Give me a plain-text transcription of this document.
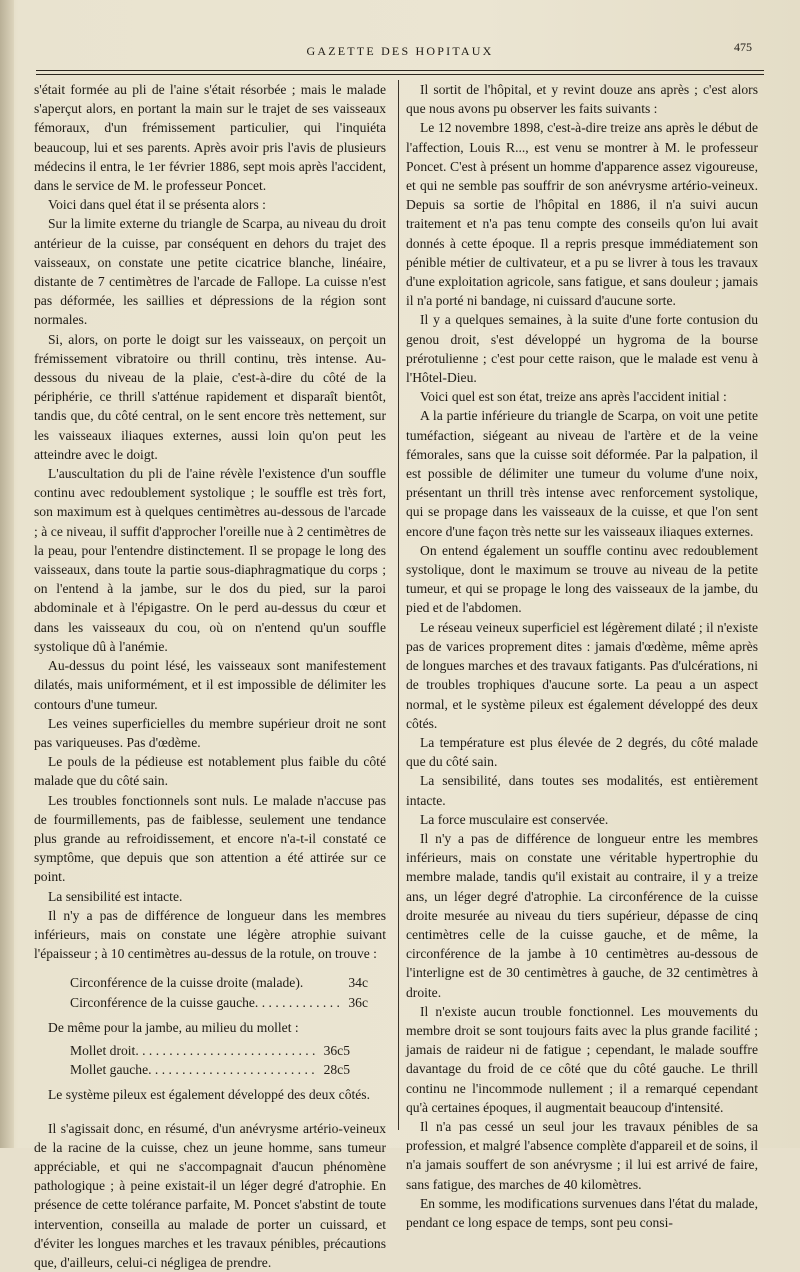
GAZETTE DES HOPITAUX	475

s'était formée au pli de l'aine s'était résorbée ; mais le malade s'aperçut alors, en portant la main sur le trajet de ses vaisseaux fémoraux, d'un frémissement particulier, qui l'inquiéta beaucoup, lui et ses parents. Après avoir pris l'avis de plusieurs médecins il entra, le 1er février 1886, sept mois après l'accident, dans le service de M. le professeur Poncet.

Voici dans quel état il se présenta alors :

Sur la limite externe du triangle de Scarpa, au niveau du droit antérieur de la cuisse, par conséquent en dehors du trajet des vaisseaux, on constate une petite cicatrice blanche, linéaire, distante de 7 centimètres de l'arcade de Fallope. La cuisse n'est pas déformée, les saillies et dépressions de la région sont normales.

Si, alors, on porte le doigt sur les vaisseaux, on perçoit un frémissement vibratoire ou thrill continu, très intense. Au-dessous du niveau de la plaie, c'est-à-dire du côté de la périphérie, ce thrill s'atténue rapidement et disparaît bientôt, tandis que, du côté central, on le sent encore très nettement, sur les vaisseaux iliaques externes, aussi loin qu'on peut les atteindre avec le doigt.

L'auscultation du pli de l'aine révèle l'existence d'un souffle continu avec redoublement systolique ; le souffle est très fort, son maximum est à quelques centimètres au-dessous de l'arcade ; à ce niveau, il suffit d'approcher l'oreille nue à 2 centimètres de la peau, pour l'entendre distinctement. Il se propage le long des vaisseaux, dans toute la partie sous-diaphragmatique du corps ; on l'entend à la jambe, sur le dos du pied, sur la paroi abdominale et à l'épigastre. On le perd au-dessus du cœur et dans les vaisseaux du cou, où on n'entend qu'un souffle systolique dû à l'anémie.

Au-dessus du point lésé, les vaisseaux sont manifestement dilatés, mais uniformément, et il est impossible de délimiter les contours d'une tumeur.

Les veines superficielles du membre supérieur droit ne sont pas variqueuses. Pas d'œdème.

Le pouls de la pédieuse est notablement plus faible du côté malade que du côté sain.

Les troubles fonctionnels sont nuls. Le malade n'accuse pas de fourmillements, pas de faiblesse, seulement une tendance plus grande au refroidissement, et encore n'a-t-il constaté ce symptôme, que depuis que son attention a été attirée sur ce point.

La sensibilité est intacte.

Il n'y a pas de différence de longueur dans les membres inférieurs, mais on constate une légère atrophie suivant l'épaisseur ; à 10 centimètres au-dessus de la rotule, on trouve :

Circonférence de la cuisse droite (malade).	34c
Circonférence de la cuisse gauche. . . . . . . . . . . . . 36c

De même pour la jambe, au milieu du mollet :

Mollet droit. . . . . . . . . . . . . . . . . . . . . . . . . . . 36c5
Mollet gauche. . . . . . . . . . . . . . . . . . . . . . . . . 28c5

Le système pileux est également développé des deux côtés.

Il s'agissait donc, en résumé, d'un anévrysme artério-veineux de la racine de la cuisse, chez un jeune homme, sans tumeur appréciable, et qui ne s'accompagnait d'aucun phénomène pathologique ; à peine existait-il un léger degré d'atrophie. En présence de cette tolérance parfaite, M. Poncet s'abstint de toute intervention, conseilla au malade de porter un cuissard, et d'éviter les longues marches et les travaux pénibles, précautions que, d'ailleurs, celui-ci négligea de prendre.

Il sortit de l'hôpital, et y revint douze ans après ; c'est alors que nous avons pu observer les faits suivants :

Le 12 novembre 1898, c'est-à-dire treize ans après le début de l'affection, Louis R..., est venu se montrer à M. le professeur Poncet. C'est à présent un homme d'apparence assez vigoureuse, et qui ne semble pas souffrir de son anévrysme artério-veineux. Depuis sa sortie de l'hôpital en 1886, il n'a suivi aucun traitement et n'a pas tenu compte des conseils qu'on lui avait donnés à cette époque. Il a repris presque immédiatement son pénible métier de cultivateur, et a pu se livrer à tous les travaux d'une exploitation agricole, sans fatigue, et sans douleur ; jamais il n'a porté ni bandage, ni cuissard d'aucune sorte.

Il y a quelques semaines, à la suite d'une forte contusion du genou droit, s'est développé un hygroma de la bourse prérotulienne ; c'est pour cette raison, que le malade est venu à l'Hôtel-Dieu.

Voici quel est son état, treize ans après l'accident initial :

A la partie inférieure du triangle de Scarpa, on voit une petite tuméfaction, siégeant au niveau de l'artère et de la veine fémorales, sans que la cuisse soit déformée. Par la palpation, il est possible de délimiter une tumeur du volume d'une noix, présentant un thrill très intense avec renforcement systolique, qui se propage dans les vaisseaux de la cuisse, et que l'on sent encore d'une façon très nette sur les vaisseaux iliaques externes.

On entend également un souffle continu avec redoublement systolique, dont le maximum se trouve au niveau de la petite tumeur, et qui se propage le long des vaisseaux de la jambe, du pied et de l'abdomen.

Le réseau veineux superficiel est légèrement dilaté ; il n'existe pas de varices proprement dites : jamais d'œdème, même après de longues marches et des travaux fatigants. Pas d'ulcérations, ni de troubles trophiques d'aucune sorte. La peau a un aspect normal, et le système pileux est également développé des deux côtés.

La température est plus élevée de 2 degrés, du côté malade que du côté sain.

La sensibilité, dans toutes ses modalités, est entièrement intacte.

La force musculaire est conservée.

Il n'y a pas de différence de longueur entre les membres inférieurs, mais on constate une véritable hypertrophie du membre malade, tandis qu'il existait au contraire, il y a treize ans, un léger degré d'atrophie. La circonférence de la cuisse droite mesurée au niveau du tiers supérieur, dépasse de cinq centimètres celle de la cuisse gauche, et de même, la circonférence de la jambe à 10 centimètres au-dessous de l'interligne est de 30 centimètres à gauche, de 32 centimètres à droite.

Il n'existe aucun trouble fonctionnel. Les mouvements du membre droit se sont toujours faits avec la plus grande facilité ; jamais de raideur ni de fatigue ; cependant, le malade souffre davantage du froid de ce côté que du côté gauche. Le thrill continu ne l'incommode nullement ; il a remarqué cependant qu'à certaines époques, il augmentait beaucoup d'intensité.

Il n'a pas cessé un seul jour les travaux pénibles de sa profession, et malgré l'absence complète d'appareil et de soins, il n'a jamais souffert de son anévrysme ; il lui est arrivé de faire, sans fatigue, des marches de 40 kilomètres.

En somme, les modifications survenues dans l'état du malade, pendant ce long espace de temps, sont peu consi-
